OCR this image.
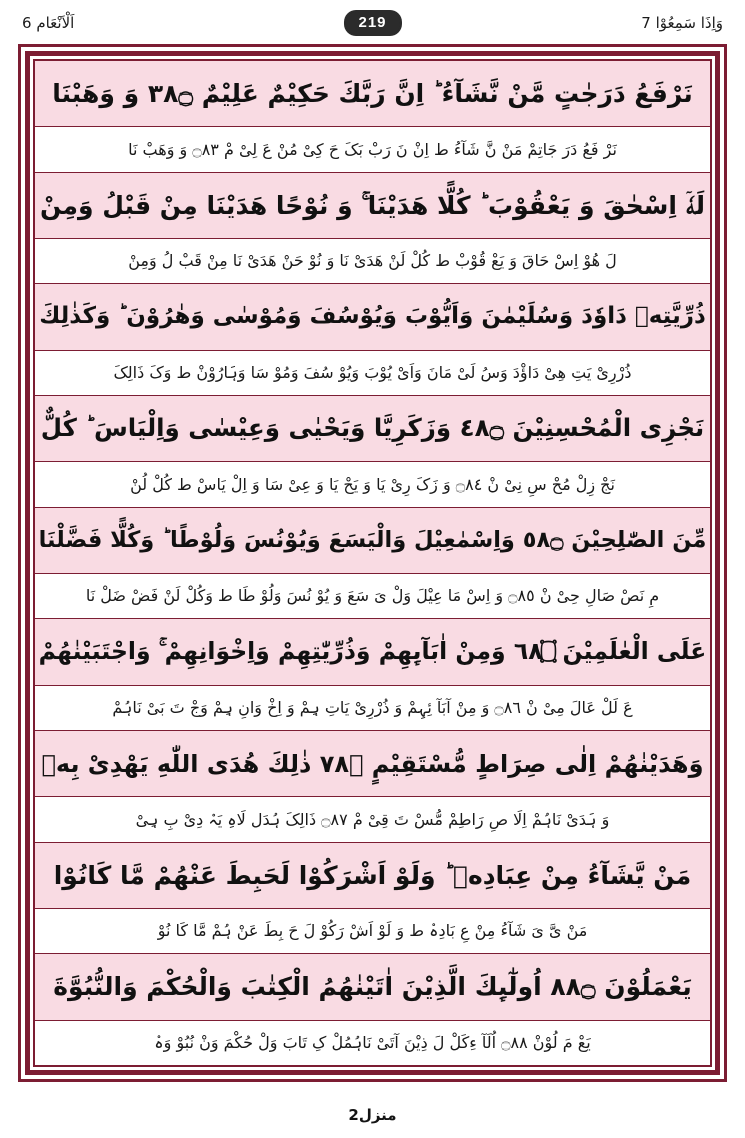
وَاِذَا سَمِعُوْا 7
اَلْاَنْعَام 6	219
نَرْفَعُ دَرَجٰتٍ مَّنْ نَّشَآءُ ؕ اِنَّ رَبَّكَ حَكِيْمٌ عَلِيْمٌ ۝٨٣ وَ وَهَبْنَا
نَرْ فَعُ دَرَ جَاتِمْ مَنْ نَّ شَآءُ ط اِنْ نَ رَبْ بَکَ حَ کِیْ مُنْ عَ لِیْ مْ ۝٨٣ وَ وَهَبْ نَا
لَهٗۤ اِسْحٰقَ وَ يَعْقُوْبَ ؕ كُلًّا هَدَيْنَا ۚ وَ نُوْحًا هَدَيْنَا مِنْ قَبْلُ وَمِنْ
لَ هُوْ اِسْ حَاقَ وَ يَعْ قُوْبْ ط کُلْ لَنْ هَدَیْ نَا وَ نُوْ حَنْ هَدَیْ نَا مِنْ قَبْ لُ وَمِنْ
ذُرِّيَّتِهٖ دَاوٗدَ وَسُلَيْمٰنَ وَاَيُّوْبَ وَيُوْسُفَ وَمُوْسٰى وَهٰرُوْنَ ؕ وَكَذٰلِكَ
ذُرْرِیْ یَتِ هِیْ دَاؤْدَ وَسُ لَیْ مَانَ وَاَیْ یُوْبَ وَیُوْ سُفَ وَمُوْ سَا وَہَارُوْنْ ط وَکَ ذَالِکَ
نَجْزِى الْمُحْسِنِيْنَ ۝٨٤ وَزَكَرِيَّا وَيَحْيٰى وَعِيْسٰى وَاِلْيَاسَ ؕ كُلٌّ
نَجْ زِلْ مُحْ سِ نِیْ نْ ۝٨٤ وَ زَکَ رِیْ یَا وَ یَحْ یَا وَ عِیْ سَا وَ اِلْ یَاسْ ط کُلْ لُنْ
مِّنَ الصّٰلِحِيْنَ ۝٨٥ وَاِسْمٰعِيْلَ وَالْيَسَعَ وَيُوْنُسَ وَلُوْطًا ؕ وَكُلًّا فَضَّلْنَا
مِ نَصْ صَالِ حِیْ نْ ۝٨٥ وَ اِسْ مَا عِیْلَ وَلْ یَ سَعَ وَ یُوْ نُسَ وَلُوْ طَا ط وَکُلْ لَنْ فَضْ ضَلْ نَا
عَلَى الْعٰلَمِيْنَ ۝٨٦ وَمِنْ اٰبَآىِٕهِمْ وَذُرِّيّٰتِهِمْ وَاِخْوَانِهِمْ ۚ وَاجْتَبَيْنٰهُمْ
عَ لَلْ عَالَ مِیْ نْ ۝٨٦ وَ مِنْ آبَآ ئِہِمْ وَ ذُرْرِیْ یَاتِ ہِمْ وَ اِخْ وَانِ ہِمْ وَجْ تَ بَیْ نَاہُمْ
وَهَدَيْنٰهُمْ اِلٰى صِرَاطٍ مُّسْتَقِيْمٍ ۝٨٧ ذٰلِكَ هُدَى اللّٰهِ يَهْدِىْ بِهٖ
وَ ہَدَیْ نَاہُمْ اِلَا صِ رَاطِمْ مُّسْ تَ قِیْ مْ ۝٨٧ ذَالِکَ ہُدَل لَاہِ یَہْ دِیْ بِ ہِیْ
مَنْ يَّشَآءُ مِنْ عِبَادِهٖ ؕ وَلَوْ اَشْرَكُوْا لَحَبِطَ عَنْهُمْ مَّا كَانُوْا
مَنْ یَّ یَ شَآءُ مِنْ عِ بَادِہْ ط وَ لَوْ اَشْ رَکُوْ لَ حَ بِطَ عَنْ ہُمْ مَّا کَا نُوْ
يَعْمَلُوْنَ ۝٨٨ اُولٰٓىِٕكَ الَّذِيْنَ اٰتَيْنٰهُمُ الْكِتٰبَ وَالْحُكْمَ وَالنُّبُوَّةَ
یَعْ مَ لُوْنْ ۝٨٨ اُلَآ ءِکَلْ لَ ذِیْنَ آتَیْ نَاہُمُلْ کِ تَابَ وَلْ حُکْمَ وَنْ نُبُوْ وَہْ
منزل2
